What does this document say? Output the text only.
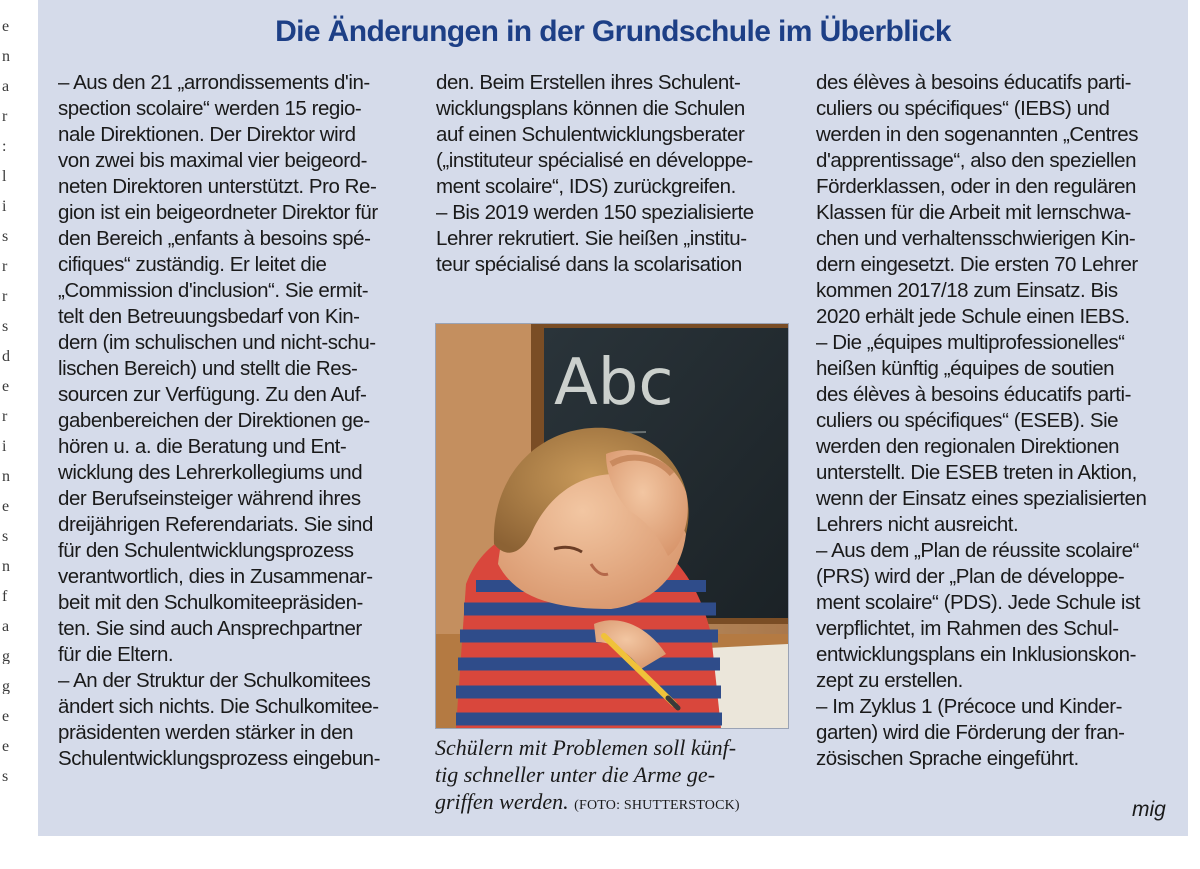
e
n
a
r
:
l
i
s
r
r
s
d
e
r
i
n
e
s
n
f
a
g
g
e
e
s
Die Änderungen in der Grundschule im Überblick
– Aus den 21 „arrondissements d'in-
spection scolaire“ werden 15 regio-
nale Direktionen. Der Direktor wird
von zwei bis maximal vier beigeord-
neten Direktoren unterstützt. Pro Re-
gion ist ein beigeordneter Direktor für
den Bereich „enfants à besoins spé-
cifiques“ zuständig. Er leitet die
„Commission d'inclusion“. Sie ermit-
telt den Betreuungsbedarf von Kin-
dern (im schulischen und nicht-schu-
lischen Bereich) und stellt die Res-
sourcen zur Verfügung. Zu den Auf-
gabenbereichen der Direktionen ge-
hören u. a. die Beratung und Ent-
wicklung des Lehrerkollegiums und
der Berufseinsteiger während ihres
dreijährigen Referendariats. Sie sind
für den Schulentwicklungsprozess
verantwortlich, dies in Zusammenar-
beit mit den Schulkomiteepräsiden-
ten. Sie sind auch Ansprechpartner
für die Eltern.
– An der Struktur der Schulkomitees
ändert sich nichts. Die Schulkomitee-
präsidenten werden stärker in den
Schulentwicklungsprozess eingebun-
den. Beim Erstellen ihres Schulent-
wicklungsplans können die Schulen
auf einen Schulentwicklungsberater
(„instituteur spécialisé en développe-
ment scolaire“, IDS) zurückgreifen.
– Bis 2019 werden 150 spezialisierte
Lehrer rekrutiert. Sie heißen „institu-
teur spécialisé dans la scolarisation
des élèves à besoins éducatifs parti-
culiers ou spécifiques“ (IEBS) und
werden in den sogenannten „Centres
d'apprentissage“, also den speziellen
Förderklassen, oder in den regulären
Klassen für die Arbeit mit lernschwa-
chen und verhaltensschwierigen Kin-
dern eingesetzt. Die ersten 70 Lehrer
kommen 2017/18 zum Einsatz. Bis
2020 erhält jede Schule einen IEBS.
– Die „équipes multiprofessionelles“
heißen künftig „équipes de soutien
des élèves à besoins éducatifs parti-
culiers ou spécifiques“ (ESEB). Sie
werden den regionalen Direktionen
unterstellt. Die ESEB treten in Aktion,
wenn der Einsatz eines spezialisierten
Lehrers nicht ausreicht.
– Aus dem „Plan de réussite scolaire“
(PRS) wird der „Plan de développe-
ment scolaire“ (PDS). Jede Schule ist
verpflichtet, im Rahmen des Schul-
entwicklungsplans ein Inklusionskon-
zept zu erstellen.
– Im Zyklus 1 (Précoce und Kinder-
garten) wird die Förderung der fran-
zösischen Sprache eingeführt.
Abc
Schülern mit Problemen soll künf-
tig schneller unter die Arme ge-
griffen werden. (FOTO: SHUTTERSTOCK)	mig
